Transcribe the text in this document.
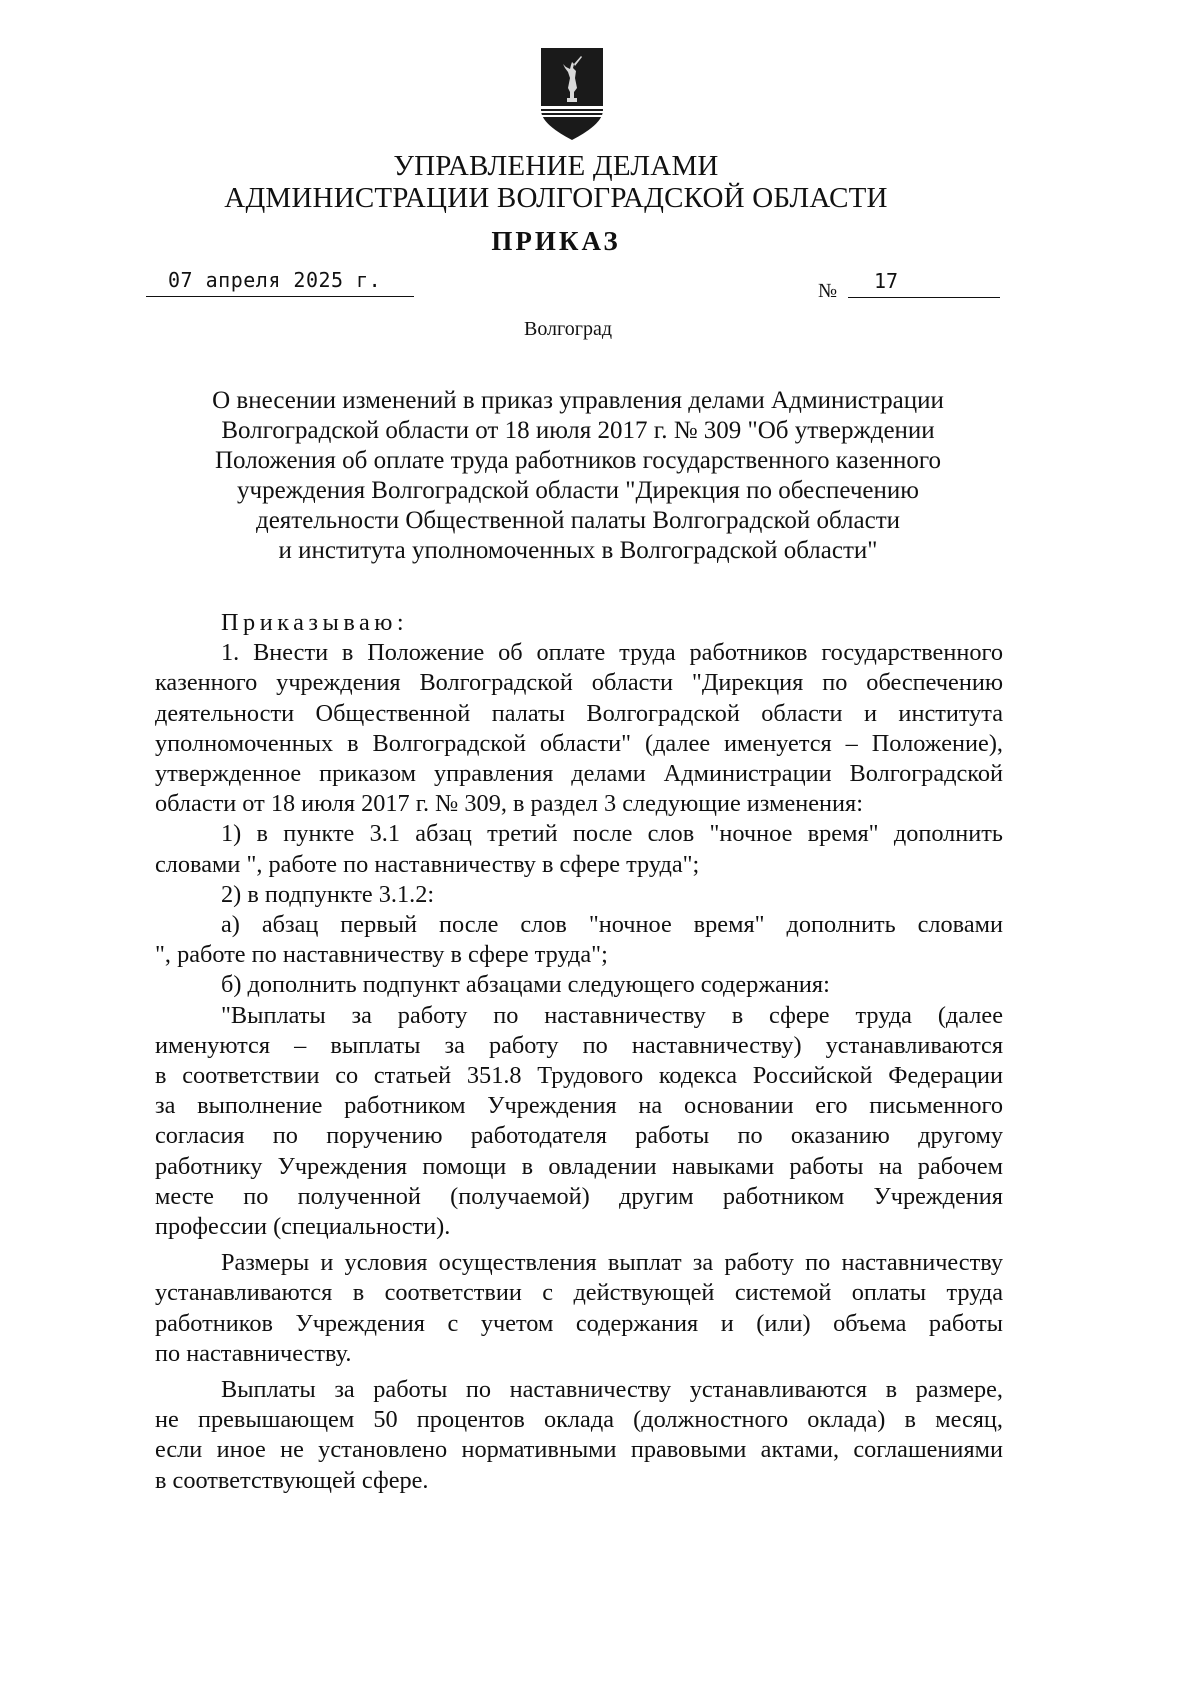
УПРАВЛЕНИЕ ДЕЛАМИ
АДМИНИСТРАЦИИ ВОЛГОГРАДСКОЙ ОБЛАСТИ
ПРИКАЗ
07 апреля 2025 г.	№ 17
Волгоград
О внесении изменений в приказ управления делами Администрации
Волгоградской области от 18 июля 2017 г. № 309 "Об утверждении
Положения об оплате труда работников государственного казенного
учреждения Волгоградской области "Дирекция по обеспечению
деятельности Общественной палаты Волгоградской области
и института уполномоченных в Волгоградской области"
Приказываю:
1. Внести в Положение об оплате труда работников государственного
казенного учреждения Волгоградской области "Дирекция по обеспечению
деятельности Общественной палаты Волгоградской области и института
уполномоченных в Волгоградской области" (далее именуется – Положение),
утвержденное приказом управления делами Администрации Волгоградской
области от 18 июля 2017 г. № 309, в раздел 3 следующие изменения:
1) в пункте 3.1 абзац третий после слов "ночное время" дополнить
словами ", работе по наставничеству в сфере труда";
2) в подпункте 3.1.2:
а) абзац первый после слов "ночное время" дополнить словами
", работе по наставничеству в сфере труда";
б) дополнить подпункт абзацами следующего содержания:
"Выплаты за работу по наставничеству в сфере труда (далее
именуются – выплаты за работу по наставничеству) устанавливаются
в соответствии со статьей 351.8 Трудового кодекса Российской Федерации
за выполнение работником Учреждения на основании его письменного
согласия по поручению работодателя работы по оказанию другому
работнику Учреждения помощи в овладении навыками работы на рабочем
месте по полученной (получаемой) другим работником Учреждения
профессии (специальности).
Размеры и условия осуществления выплат за работу по наставничеству
устанавливаются в соответствии с действующей системой оплаты труда
работников Учреждения с учетом содержания и (или) объема работы
по наставничеству.
Выплаты за работы по наставничеству устанавливаются в размере,
не превышающем 50 процентов оклада (должностного оклада) в месяц,
если иное не установлено нормативными правовыми актами, соглашениями
в соответствующей сфере.
